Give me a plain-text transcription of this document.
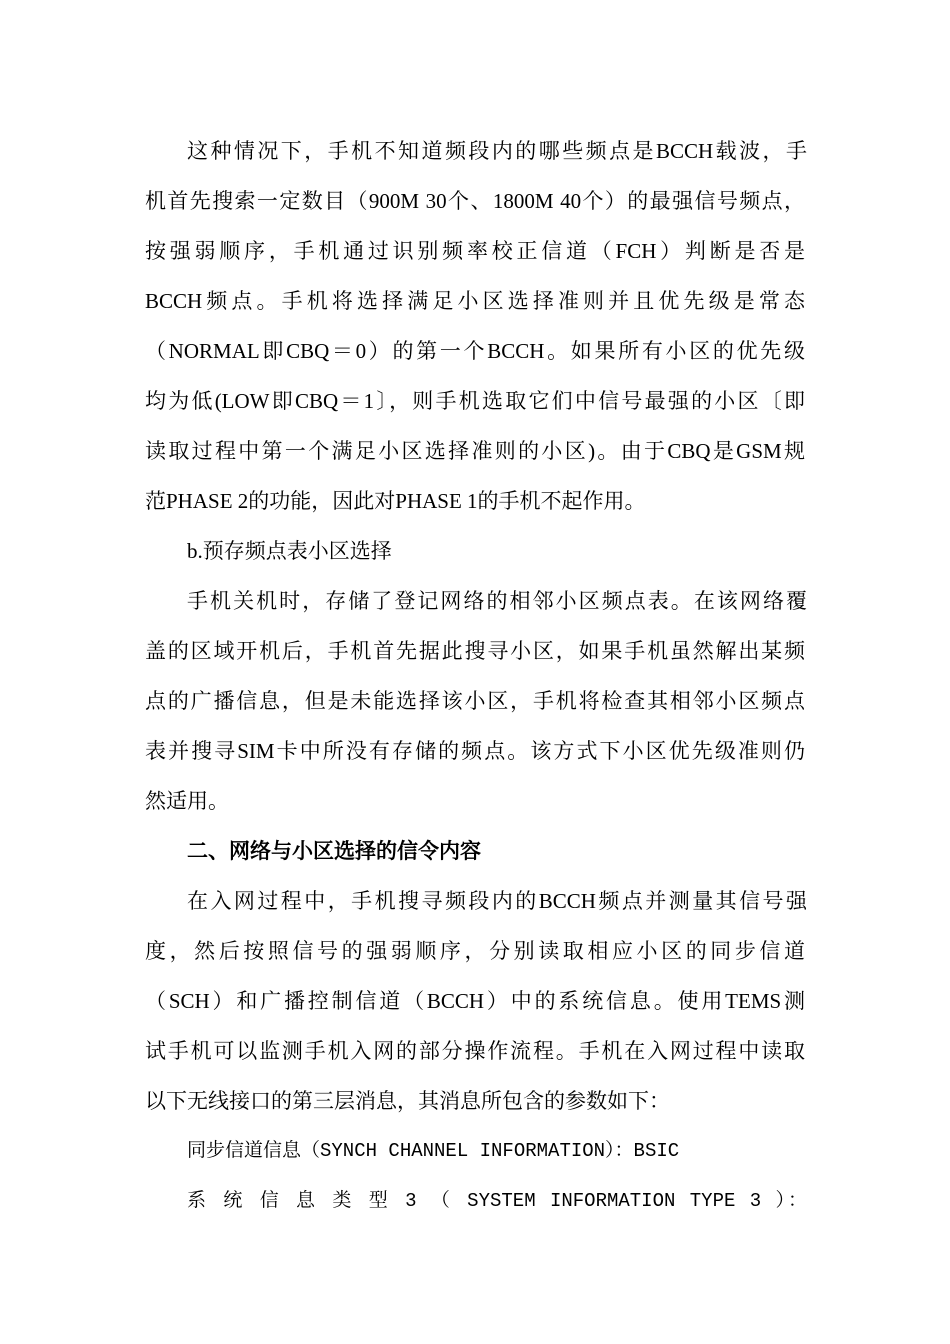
这种情况下，手机不知道频段内的哪些频点是BCCH载波，手
机首先搜索一定数目（900M 30个、1800M 40个）的最强信号频点，
按强弱顺序，手机通过识别频率校正信道（FCH）判断是否是
BCCH频点。手机将选择满足小区选择准则并且优先级是常态
（NORMAL即CBQ＝0）的第一个BCCH。如果所有小区的优先级
均为低(LOW即CBQ＝1〕，则手机选取它们中信号最强的小区〔即
读取过程中第一个满足小区选择准则的小区)。由于CBQ是GSM规
范PHASE 2的功能，因此对PHASE 1的手机不起作用。
b.预存频点表小区选择
手机关机时，存储了登记网络的相邻小区频点表。在该网络覆
盖的区域开机后，手机首先据此搜寻小区，如果手机虽然解出某频
点的广播信息，但是未能选择该小区，手机将检查其相邻小区频点
表并搜寻SIM卡中所没有存储的频点。该方式下小区优先级准则仍
然适用。
二、网络与小区选择的信令内容
在入网过程中，手机搜寻频段内的BCCH频点并测量其信号强
度，然后按照信号的强弱顺序，分别读取相应小区的同步信道
（SCH）和广播控制信道（BCCH）中的系统信息。使用TEMS测
试手机可以监测手机入网的部分操作流程。手机在入网过程中读取
以下无线接口的第三层消息，其消息所包含的参数如下：
同步信道信息（SYNCH CHANNEL INFORMATION）：BSIC
系 统 信 息 类 型 3 （ SYSTEM INFORMATION TYPE 3 ）：
